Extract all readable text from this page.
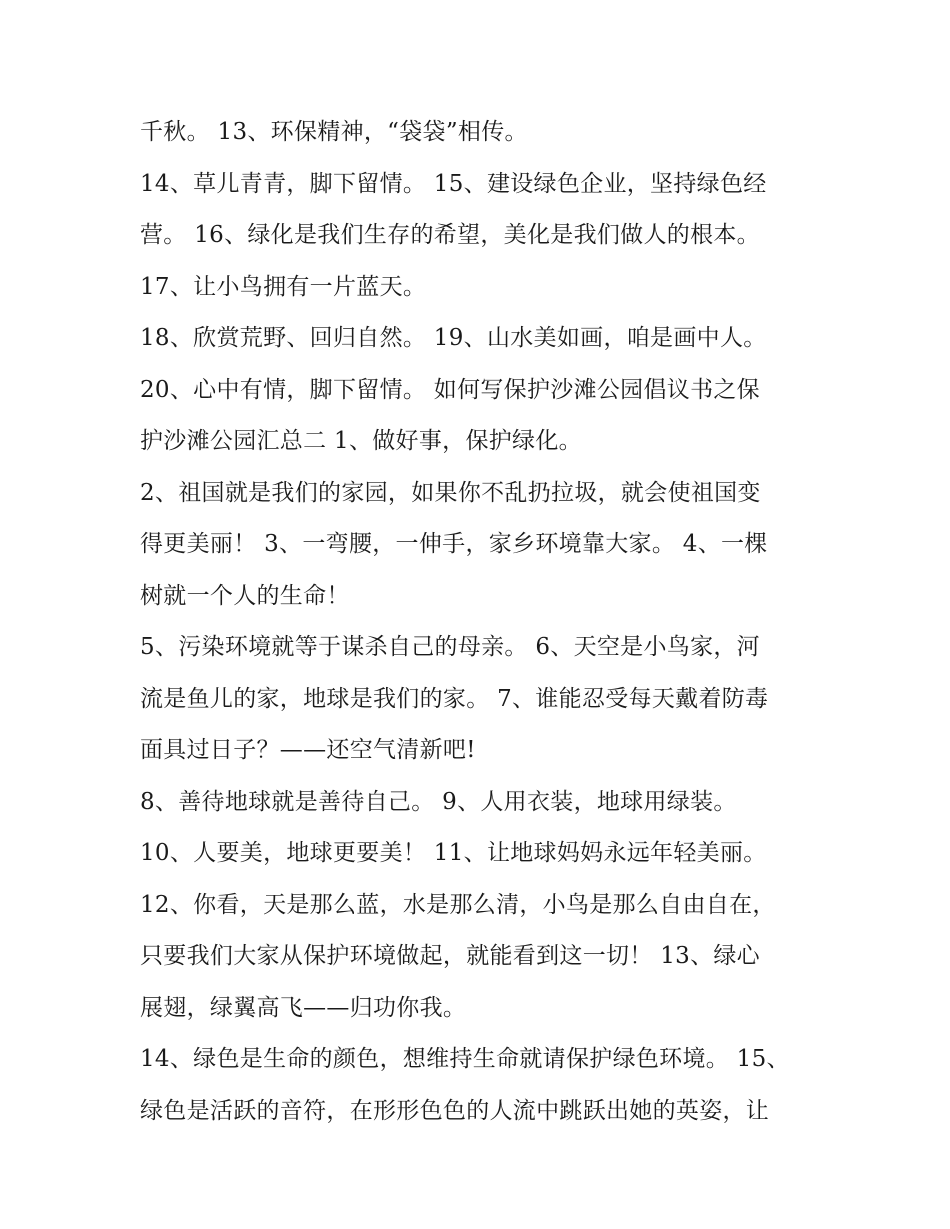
千秋。 13、环保精神，“袋袋”相传。
14、草儿青青，脚下留情。 15、建设绿色企业，坚持绿色经
营。 16、绿化是我们生存的希望，美化是我们做人的根本。
17、让小鸟拥有一片蓝天。
18、欣赏荒野、回归自然。 19、山水美如画，咱是画中人。
20、心中有情，脚下留情。 如何写保护沙滩公园倡议书之保
护沙滩公园汇总二 1、做好事，保护绿化。
2、祖国就是我们的家园，如果你不乱扔拉圾，就会使祖国变
得更美丽！ 3、一弯腰，一伸手，家乡环境靠大家。 4、一棵
树就一个人的生命！
5、污染环境就等于谋杀自己的母亲。 6、天空是小鸟家，河
流是鱼儿的家，地球是我们的家。 7、谁能忍受每天戴着防毒
面具过日子？——还空气清新吧!
8、善待地球就是善待自己。 9、人用衣装，地球用绿装。
10、人要美，地球更要美！ 11、让地球妈妈永远年轻美丽。
12、你看，天是那么蓝，水是那么清，小鸟是那么自由自在，
只要我们大家从保护环境做起，就能看到这一切！ 13、绿心
展翅，绿翼高飞——归功你我。
14、绿色是生命的颜色，想维持生命就请保护绿色环境。 15、
绿色是活跃的音符，在形形色色的人流中跳跃出她的英姿，让
